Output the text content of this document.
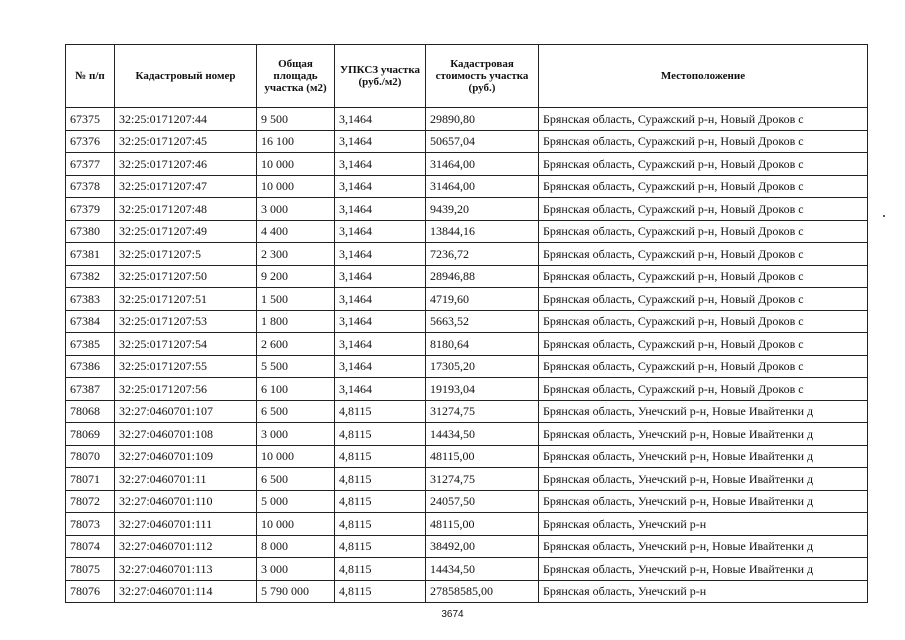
№ п/п	Кадастровый номер	Общая площадь участка (м2)	УПКСЗ участка (руб./м2)	Кадастровая стоимость участка (руб.)	Местоположение
67375	32:25:0171207:44	9 500	3,1464	29890,80	Брянская область, Суражский р-н, Новый Дроков с
67376	32:25:0171207:45	16 100	3,1464	50657,04	Брянская область, Суражский р-н, Новый Дроков с
67377	32:25:0171207:46	10 000	3,1464	31464,00	Брянская область, Суражский р-н, Новый Дроков с
67378	32:25:0171207:47	10 000	3,1464	31464,00	Брянская область, Суражский р-н, Новый Дроков с
67379	32:25:0171207:48	3 000	3,1464	9439,20	Брянская область, Суражский р-н, Новый Дроков с
67380	32:25:0171207:49	4 400	3,1464	13844,16	Брянская область, Суражский р-н, Новый Дроков с
67381	32:25:0171207:5	2 300	3,1464	7236,72	Брянская область, Суражский р-н, Новый Дроков с
67382	32:25:0171207:50	9 200	3,1464	28946,88	Брянская область, Суражский р-н, Новый Дроков с
67383	32:25:0171207:51	1 500	3,1464	4719,60	Брянская область, Суражский р-н, Новый Дроков с
67384	32:25:0171207:53	1 800	3,1464	5663,52	Брянская область, Суражский р-н, Новый Дроков с
67385	32:25:0171207:54	2 600	3,1464	8180,64	Брянская область, Суражский р-н, Новый Дроков с
67386	32:25:0171207:55	5 500	3,1464	17305,20	Брянская область, Суражский р-н, Новый Дроков с
67387	32:25:0171207:56	6 100	3,1464	19193,04	Брянская область, Суражский р-н, Новый Дроков с
78068	32:27:0460701:107	6 500	4,8115	31274,75	Брянская область, Унечский р-н, Новые Ивайтенки д
78069	32:27:0460701:108	3 000	4,8115	14434,50	Брянская область, Унечский р-н, Новые Ивайтенки д
78070	32:27:0460701:109	10 000	4,8115	48115,00	Брянская область, Унечский р-н, Новые Ивайтенки д
78071	32:27:0460701:11	6 500	4,8115	31274,75	Брянская область, Унечский р-н, Новые Ивайтенки д
78072	32:27:0460701:110	5 000	4,8115	24057,50	Брянская область, Унечский р-н, Новые Ивайтенки д
78073	32:27:0460701:111	10 000	4,8115	48115,00	Брянская область, Унечский р-н
78074	32:27:0460701:112	8 000	4,8115	38492,00	Брянская область, Унечский р-н, Новые Ивайтенки д
78075	32:27:0460701:113	3 000	4,8115	14434,50	Брянская область, Унечский р-н, Новые Ивайтенки д
78076	32:27:0460701:114	5 790 000	4,8115	27858585,00	Брянская область, Унечский р-н
3674
